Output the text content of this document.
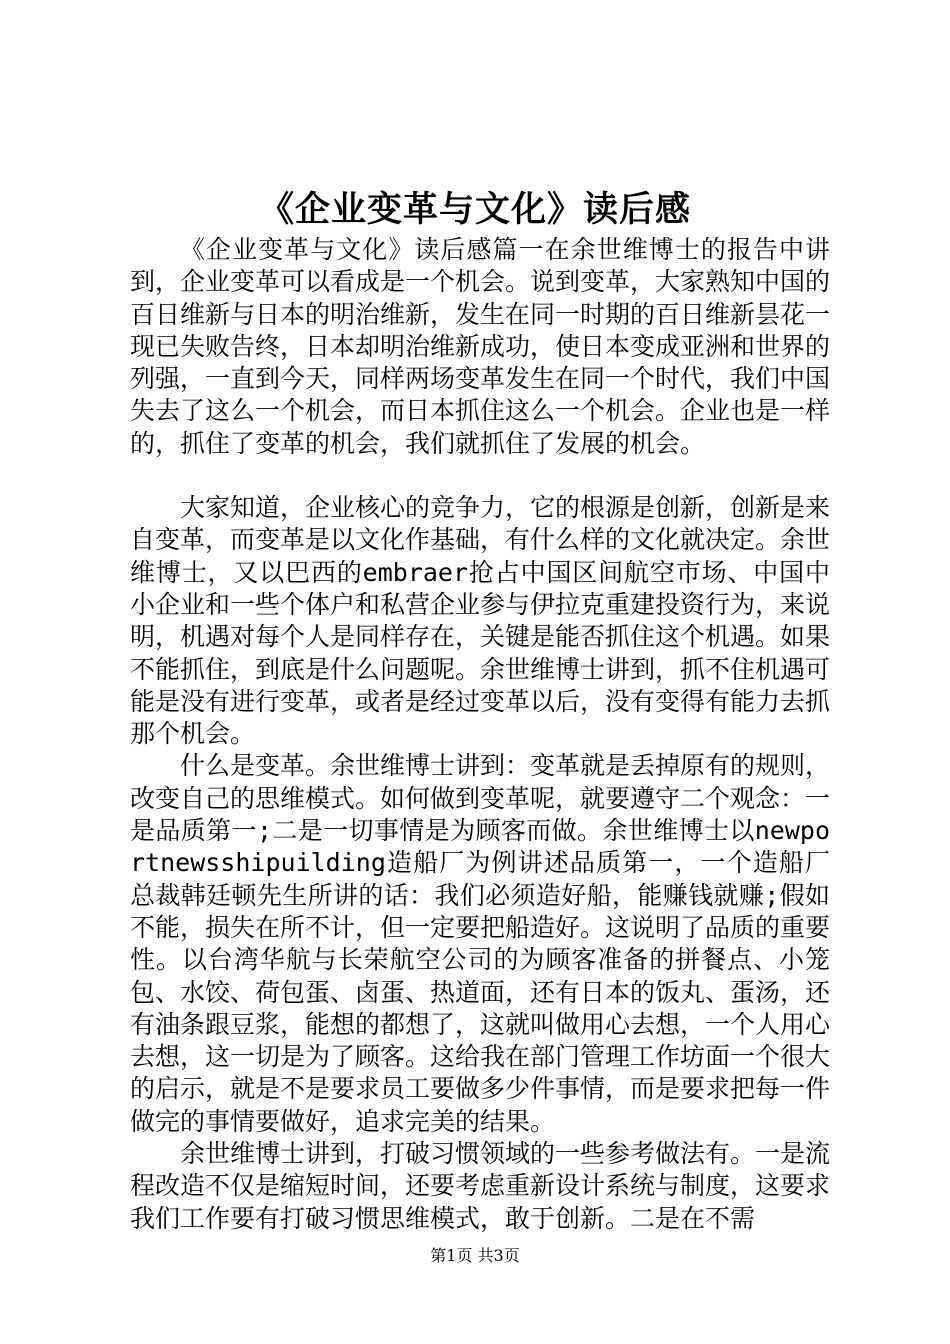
《企业变革与文化》读后感

《企业变革与文化》读后感篇一在余世维博士的报告中讲到，企业变革可以看成是一个机会。说到变革，大家熟知中国的百日维新与日本的明治维新，发生在同一时期的百日维新昙花一现已失败告终，日本却明治维新成功，使日本变成亚洲和世界的列强，一直到今天，同样两场变革发生在同一个时代，我们中国失去了这么一个机会，而日本抓住这么一个机会。企业也是一样的，抓住了变革的机会，我们就抓住了发展的机会。

大家知道，企业核心的竞争力，它的根源是创新，创新是来自变革，而变革是以文化作基础，有什么样的文化就决定。余世维博士，又以巴西的embraer抢占中国区间航空市场、中国中小企业和一些个体户和私营企业参与伊拉克重建投资行为，来说明，机遇对每个人是同样存在，关键是能否抓住这个机遇。如果不能抓住，到底是什么问题呢。余世维博士讲到，抓不住机遇可能是没有进行变革，或者是经过变革以后，没有变得有能力去抓那个机会。

什么是变革。余世维博士讲到：变革就是丢掉原有的规则，改变自己的思维模式。如何做到变革呢，就要遵守二个观念：一是品质第一;二是一切事情是为顾客而做。余世维博士以newportnewsshipuilding造船厂为例讲述品质第一，一个造船厂总裁韩廷顿先生所讲的话：我们必须造好船，能赚钱就赚;假如不能，损失在所不计，但一定要把船造好。这说明了品质的重要性。以台湾华航与长荣航空公司的为顾客准备的拼餐点、小笼包、水饺、荷包蛋、卤蛋、热道面，还有日本的饭丸、蛋汤，还有油条跟豆浆，能想的都想了，这就叫做用心去想，一个人用心去想，这一切是为了顾客。这给我在部门管理工作坊面一个很大的启示，就是不是要求员工要做多少件事情，而是要求把每一件做完的事情要做好，追求完美的结果。

余世维博士讲到，打破习惯领域的一些参考做法有。一是流程改造不仅是缩短时间，还要考虑重新设计系统与制度，这要求我们工作要有打破习惯思维模式，敢于创新。二是在不需

第1页 共3页
